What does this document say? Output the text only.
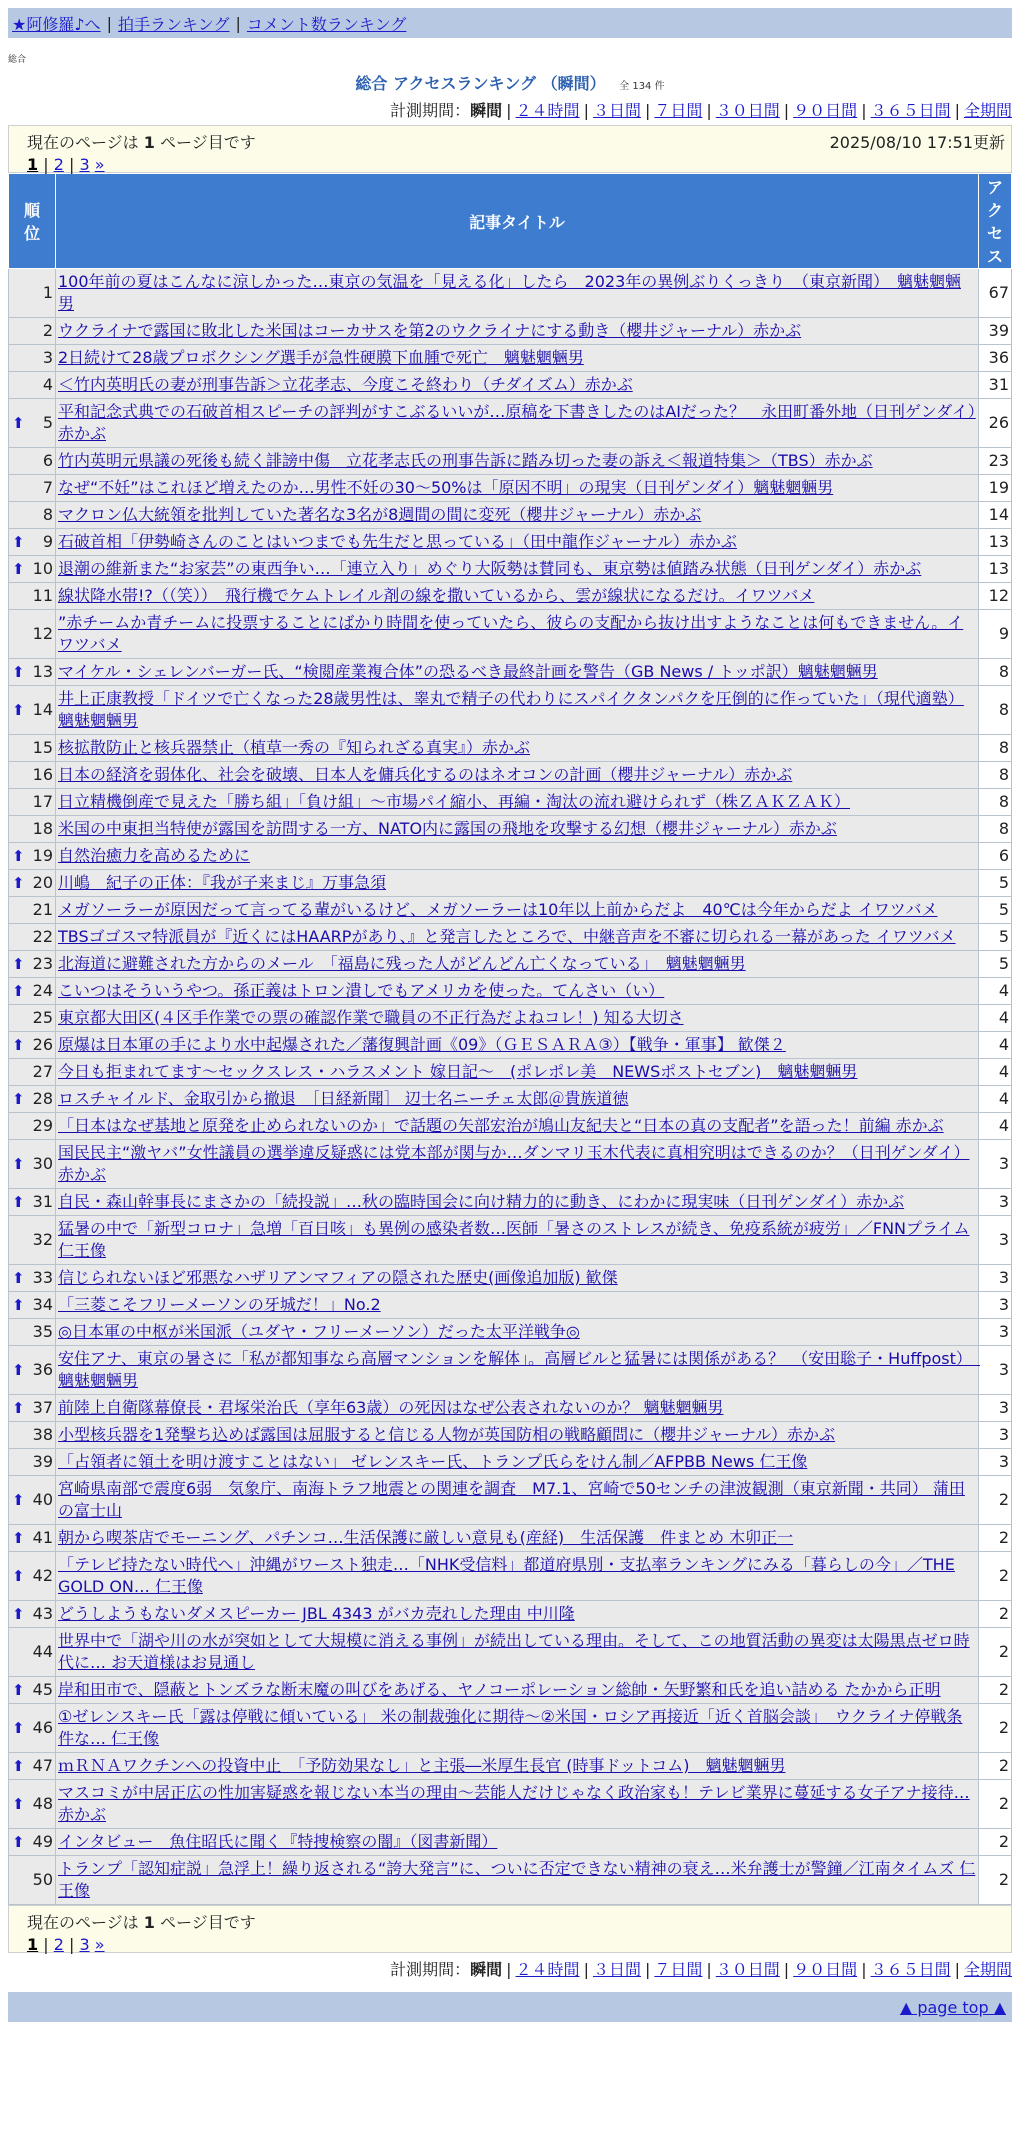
★阿修羅♪へ | 拍手ランキング | コメント数ランキング
総合
総合 アクセスランキング （瞬間） 全 134 件
計測期間：瞬間 | ２４時間 | ３日間 | ７日間 | ３０日間 | ９０日間 | ３６５日間 | 全期間
現在のページは 1 ページ目です	2025/08/10 17:51更新
1 | 2 | 3 »
順
位	記事タイトル	アク
セス
1	100年前の夏はこんなに涼しかった…東京の気温を「見える化」したら　2023年の異例ぶりくっきり　（東京新聞）　魑魅魍魎男	67
2	ウクライナで露国に敗北した米国はコーカサスを第2のウクライナにする動き（櫻井ジャーナル）赤かぶ	39
3	2日続けて28歳プロボクシング選手が急性硬膜下血腫で死亡　魑魅魍魎男	36
4	＜竹内英明氏の妻が刑事告訴＞立花孝志、今度こそ終わり（チダイズム）赤かぶ	31

⬆ 5	平和記念式典での石破首相スピーチの評判がすこぶるいいが…原稿を下書きしたのはAIだった？　永田町番外地（日刊ゲンダイ）赤かぶ	26
6	竹内英明元県議の死後も続く誹謗中傷　立花孝志氏の刑事告訴に踏み切った妻の訴え＜報道特集＞（TBS）赤かぶ	23
7	なぜ“不妊”はこれほど増えたのか…男性不妊の30～50%は「原因不明」の現実（日刊ゲンダイ）魑魅魍魎男	19
8	マクロン仏大統領を批判していた著名な3名が8週間の間に変死（櫻井ジャーナル）赤かぶ	14

⬆ 9	石破首相「伊勢崎さんのことはいつまでも先生だと思っている」（田中龍作ジャーナル）赤かぶ	13

⬆ 10	退潮の維新また“お家芸”の東西争い…「連立入り」めぐり大阪勢は賛同も、東京勢は値踏み状態（日刊ゲンダイ）赤かぶ	13
11	線状降水帯!?（（笑））　飛行機でケムトレイル剤の線を撒いているから、雲が線状になるだけ。イワツバメ	12
12	”赤チームか青チームに投票することにばかり時間を使っていたら、彼らの支配から抜け出すようなことは何もできません。イワツバメ	9

⬆ 13	マイケル・シェレンバーガー氏、“検閲産業複合体”の恐るべき最終計画を警告（GB News / トッポ訳）魑魅魍魎男	8

⬆ 14	井上正康教授「ドイツで亡くなった28歳男性は、睾丸で精子の代わりにスパイクタンパクを圧倒的に作っていた」（現代適塾）魑魅魍魎男	8
15	核拡散防止と核兵器禁止（植草一秀の『知られざる真実』）赤かぶ	8
16	日本の経済を弱体化、社会を破壊、日本人を傭兵化するのはネオコンの計画（櫻井ジャーナル）赤かぶ	8
17	日立精機倒産で見えた「勝ち組」「負け組」～市場パイ縮小、再編・淘汰の流れ避けられず（株ＺＡＫＺＡＫ）	8
18	米国の中東担当特使が露国を訪問する一方、NATO内に露国の飛地を攻撃する幻想（櫻井ジャーナル）赤かぶ	8

⬆ 19	自然治癒力を高めるために	6

⬆ 20	川嶋　紀子の正体：『我が子来まじ』万事急須	5
21	メガソーラーが原因だって言ってる輩がいるけど、メガソーラーは10年以上前からだよ　40℃は今年からだよ イワツバメ	5
22	TBSゴゴスマ特派員が『近くにはHAARPがあり、』と発言したところで、中継音声を不審に切られる一幕があった イワツバメ	5

⬆ 23	北海道に避難された方からのメール　「福島に残った人がどんどん亡くなっている」　魑魅魍魎男	5

⬆ 24	こいつはそういうやつ。孫正義はトロン潰しでもアメリカを使った。てんさい（い）	4
25	東京都大田区(４区手作業での票の確認作業で職員の不正行為だよねコレ！) 知る大切さ	4

⬆ 26	原爆は日本軍の手により水中起爆された／藩復興計画《09》（ＧＥＳＡＲＡ③）【戦争・軍事】 歓傑２	4
27	今日も拒まれてます～セックスレス・ハラスメント 嫁日記～　(ポレポレ美　NEWSポストセブン)　魑魅魍魎男	4

⬆ 28	ロスチャイルド、金取引から撤退　［日経新聞］ 辺士名ニーチェ太郎＠貴族道徳	4
29	「日本はなぜ基地と原発を止められないのか」で話題の矢部宏治が鳩山友紀夫と“日本の真の支配者”を語った！前編 赤かぶ	4

⬆ 30	国民民主“激ヤバ”女性議員の選挙違反疑惑には党本部が関与か…ダンマリ玉木代表に真相究明はできるのか？（日刊ゲンダイ）赤かぶ	3

⬆ 31	自民・森山幹事長にまさかの「続投説」…秋の臨時国会に向け精力的に動き、にわかに現実味（日刊ゲンダイ）赤かぶ	3
32	猛暑の中で「新型コロナ」急増「百日咳」も異例の感染者数…医師「暑さのストレスが続き、免疫系統が疲労」／FNNプライム 仁王像	3

⬆ 33	信じられないほど邪悪なハザリアンマフィアの隠された歴史(画像追加版) 歓傑	3

⬆ 34	「三菱こそフリーメーソンの牙城だ！」No.2	3
35	◎日本軍の中枢が米国派（ユダヤ・フリーメーソン）だった太平洋戦争◎	3

⬆ 36	安住アナ、東京の暑さに「私が都知事なら高層マンションを解体」。高層ビルと猛暑には関係がある？　（安田聡子・Huffpost）　魑魅魍魎男	3

⬆ 37	前陸上自衛隊幕僚長・君塚栄治氏（享年63歳）の死因はなぜ公表されないのか？ 魑魅魍魎男	3
38	小型核兵器を1発撃ち込めば露国は屈服すると信じる人物が英国防相の戦略顧問に（櫻井ジャーナル）赤かぶ	3
39	「占領者に領土を明け渡すことはない」 ゼレンスキー氏、トランプ氏らをけん制／AFPBB News 仁王像	3

⬆ 40	宮崎県南部で震度6弱　気象庁、南海トラフ地震との関連を調査　M7.1、宮崎で50センチの津波観測（東京新聞・共同） 蒲田の富士山	2

⬆ 41	朝から喫茶店でモーニング、パチンコ…生活保護に厳しい意見も(産経)　生活保護　件まとめ 木卯正一	2

⬆ 42	「テレビ持たない時代へ」沖縄がワースト独走…「NHK受信料」都道府県別・支払率ランキングにみる「暮らしの今」／THE GOLD ON… 仁王像	2

⬆ 43	どうしようもないダメスピーカー JBL 4343 がバカ売れした理由 中川隆	2
44	世界中で「湖や川の水が突如として大規模に消える事例」が続出している理由。そして、この地質活動の異変は太陽黒点ゼロ時代に… お天道様はお見通し	2

⬆ 45	岸和田市で、隠蔽とトンズラな断末魔の叫びをあげる、ヤノコーポレーション総帥・矢野繁和氏を追い詰める たかから正明	2

⬆ 46	①ゼレンスキー氏「露は停戦に傾いている」 米の制裁強化に期待～②米国・ロシア再接近「近く首脳会談」　ウクライナ停戦条件な… 仁王像	2

⬆ 47	ｍＲＮＡワクチンへの投資中止　「予防効果なし」と主張―米厚生長官 (時事ドットコム)　魑魅魍魎男	2

⬆ 48	マスコミが中居正広の性加害疑惑を報じない本当の理由～芸能人だけじゃなく政治家も！テレビ業界に蔓延する女子アナ接待…赤かぶ	2

⬆ 49	インタビュー　魚住昭氏に聞く『特捜検察の闇』（図書新聞）	2
50	トランプ「認知症説」急浮上！繰り返される“誇大発言”に、ついに否定できない精神の衰え…米弁護士が警鐘／江南タイムズ 仁王像	2
現在のページは 1 ページ目です
1 | 2 | 3 »
計測期間：瞬間 | ２４時間 | ３日間 | ７日間 | ３０日間 | ９０日間 | ３６５日間 | 全期間
▲ page top ▲
